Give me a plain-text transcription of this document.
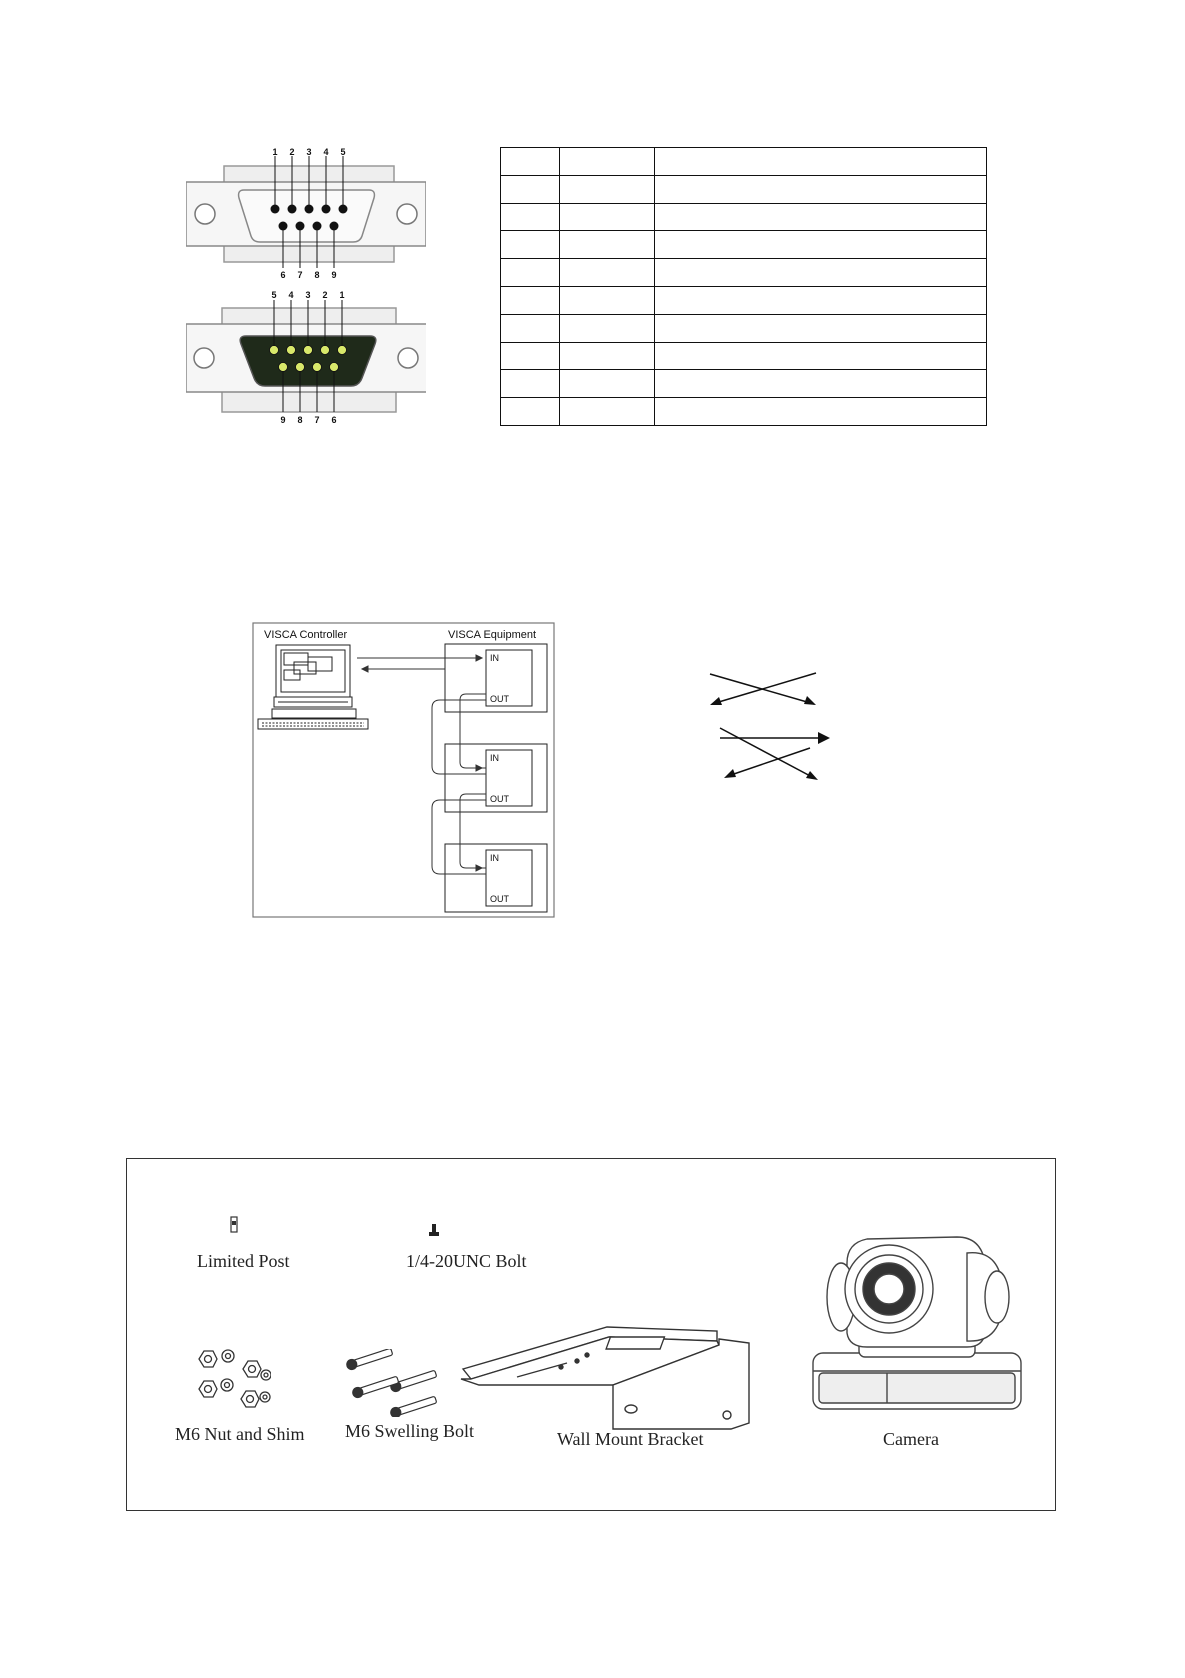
1 2 3 4 5
6 7 8 9
5 4 3 2 1
9 8 7 6

VISCA Controller	VISCA Equipment
IN
OUT
IN
OUT
IN
OUT
Limited Post	1/4-20UNC Bolt
M6 Nut and Shim M6 Swelling Bolt	Wall Mount Bracket	Camera
